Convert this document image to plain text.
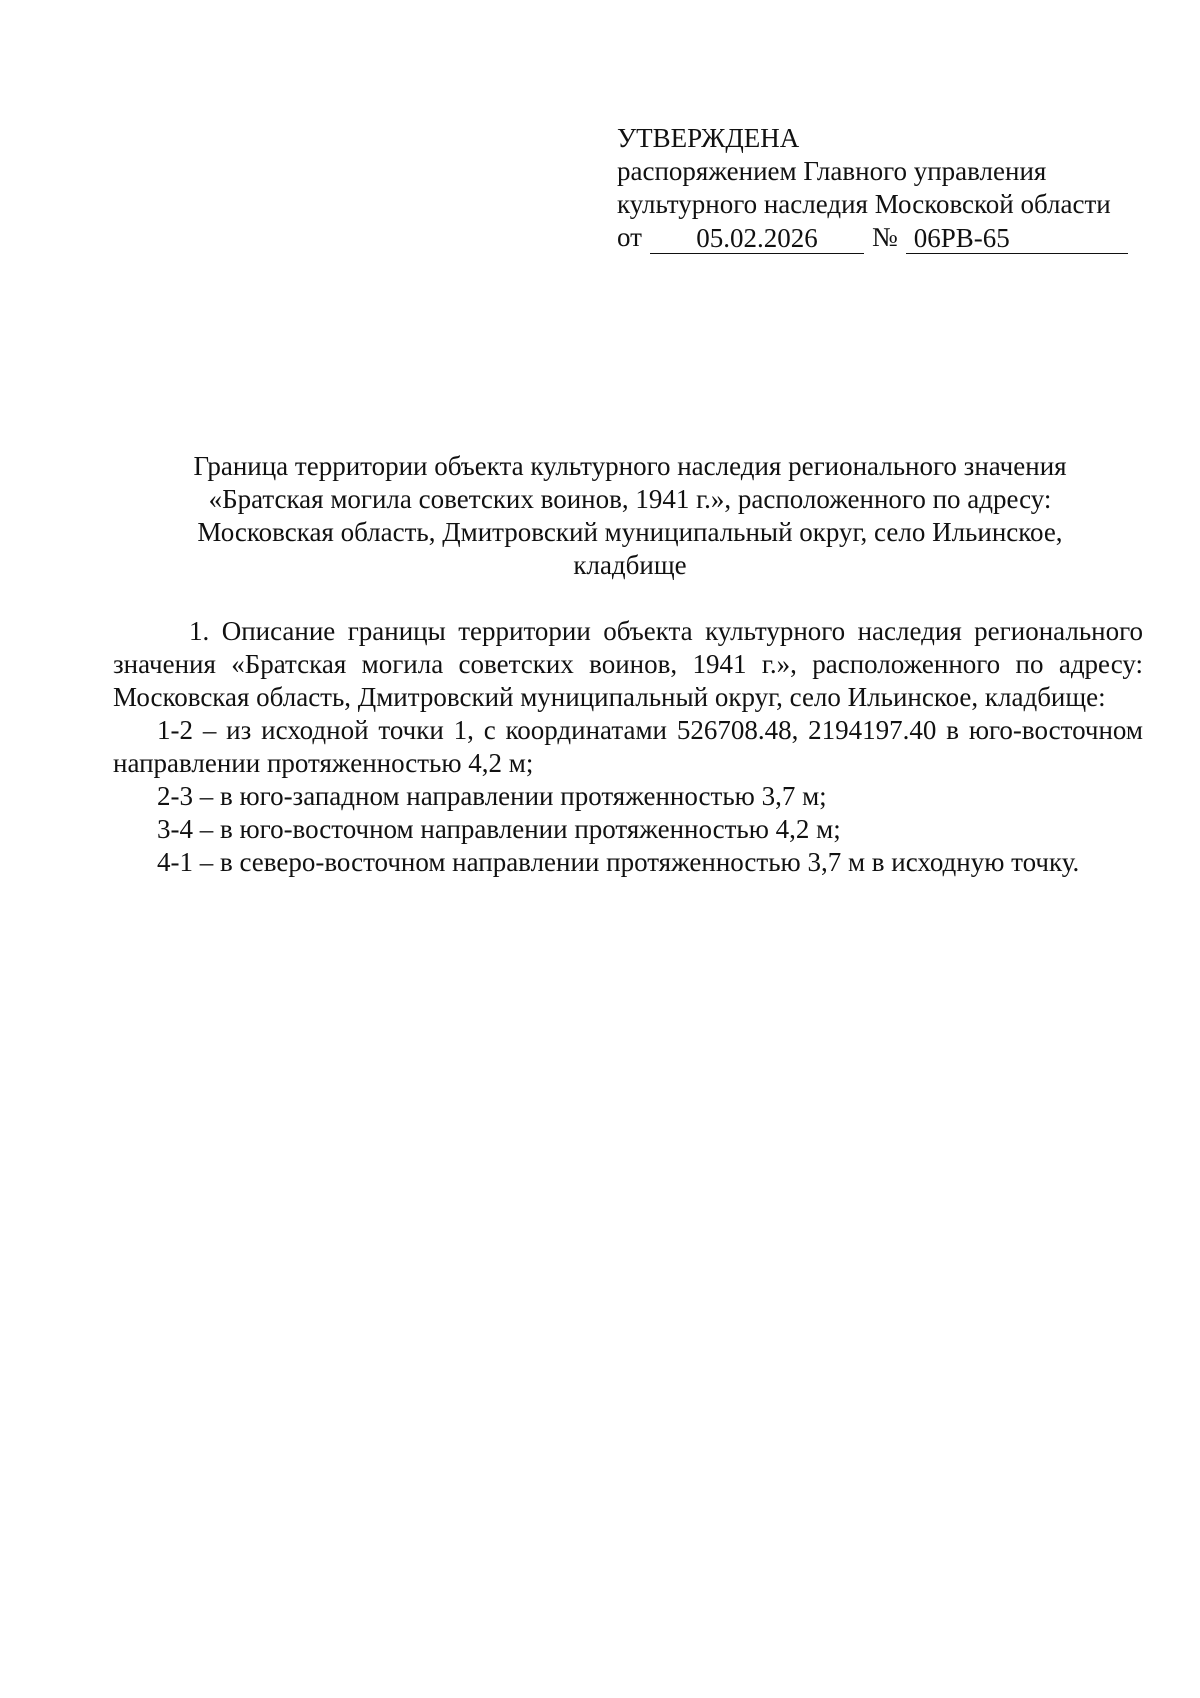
УТВЕРЖДЕНА
распоряжением Главного управления
культурного наследия Московской области
от	05.02.2026	№ 06РВ-65
Граница территории объекта культурного наследия регионального значения
«Братская могила советских воинов, 1941 г.», расположенного по адресу:
Московская область, Дмитровский муниципальный округ, село Ильинское,
кладбище

1. Описание границы территории объекта культурного наследия регионального значения «Братская могила советских воинов, 1941 г.», расположенного по адресу: Московская область, Дмитровский муниципальный округ, село Ильинское, кладбище:

1-2 – из исходной точки 1, с координатами 526708.48, 2194197.40 в юго-восточном направлении протяженностью 4,2 м;

2-3 – в юго-западном направлении протяженностью 3,7 м;

3-4 – в юго-восточном направлении протяженностью 4,2 м;

4-1 – в северо-восточном направлении протяженностью 3,7 м в исходную точку.
